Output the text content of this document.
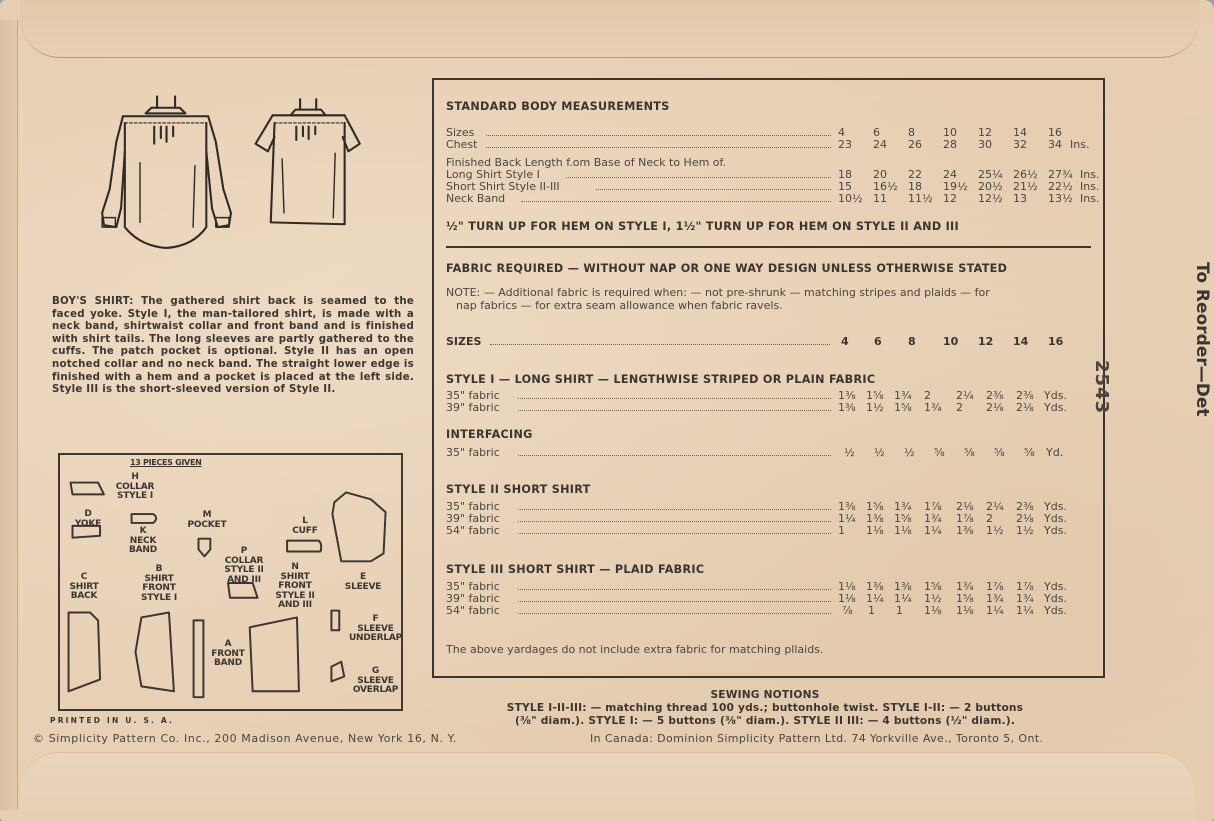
BOY'S SHIRT: The gathered shirt back is seamed to the faced yoke. Style I, the man-tailored shirt, is made with a neck band, shirtwaist collar and front band and is finished with shirt tails. The long sleeves are partly gathered to the cuffs. The patch pocket is optional. Style II has an open notched collar and no neck band. The straight lower edge is finished with a hem and a pocket is placed at the left side. Style III is the short-sleeved version of Style II.

13 PIECES GIVEN
H
COLLAR STYLE I
D
YOKE
K
NECK BAND
M
POCKET	L
CUFF
P
COLLAR STYLE II AND III
N
SHIRT FRONT STYLE II AND III
E
SLEEVE
C
SHIRT BACK
B
SHIRT FRONT STYLE I
A
FRONT BAND
F
SLEEVE UNDERLAP
G
SLEEVE OVERLAP
PRINTED IN U. S. A.
© Simplicity Pattern Co. Inc., 200 Madison Avenue, New York 16, N. Y.	In Canada: Dominion Simplicity Pattern Ltd. 74 Yorkville Ave., Toronto 5, Ont.
STANDARD BODY MEASUREMENTS
Sizes	4	6	8	10	12	14	16
Chest	23	24	26	28	30	32	34 Ins.
Finished Back Length f.om Base of Neck to Hem of.
Long Shirt Style I	18	20	22	24	25¼ 26½ 27¾ Ins.
Short Shirt Style II-III	15	16½ 18	19½ 20½ 21½ 22½ Ins.
Neck Band	10½ 11	11½ 12	12½ 13	13½ Ins.
½" TURN UP FOR HEM ON STYLE I, 1½" TURN UP FOR HEM ON STYLE II AND III
FABRIC REQUIRED — WITHOUT NAP OR ONE WAY DESIGN UNLESS OTHERWISE STATED
NOTE: — Additional fabric is required when: — not pre-shrunk — matching stripes and plaids — for
nap fabrics — for extra seam allowance when fabric ravels.
SIZES	4	6	8	10	12	14	16
STYLE I — LONG SHIRT — LENGTHWISE STRIPED OR PLAIN FABRIC
35" fabric	1⅜ 1⅝ 1¾	2	2¼	2⅜	2⅜ Yds.
39" fabric	1⅜ 1½ 1⅝	1¾	2	2⅛	2⅛ Yds.
INTERFACING
35" fabric	½	½	½	⅝	⅝	⅝	⅝	Yd.
STYLE II SHORT SHIRT
35" fabric	1⅜ 1⅝ 1¾	1⅞	2⅛	2¼	2⅜ Yds.
39" fabric	1¼ 1⅜ 1⅝	1¾	1⅞	2	2⅛ Yds.
54" fabric	1	1⅛ 1⅛	1¼	1⅜	1½	1½ Yds.
STYLE III SHORT SHIRT — PLAID FABRIC
35" fabric	1⅛ 1⅜ 1⅜	1⅝	1¾	1⅞	1⅞ Yds.
39" fabric	1⅛ 1¼ 1¼	1½	1⅝	1¾	1¾ Yds.
54" fabric	⅞	1	1	1⅛	1⅛	1¼	1¼ Yds.
The above yardages do not include extra fabric for matching pllaids.
SEWING NOTIONS
STYLE I-II-III: — matching thread 100 yds.; buttonhole twist. STYLE I-II: — 2 buttons
(⅜" diam.). STYLE I: — 5 buttons (⅜" diam.). STYLE II III: — 4 buttons (½" diam.).
2543	To Reorder—Det
